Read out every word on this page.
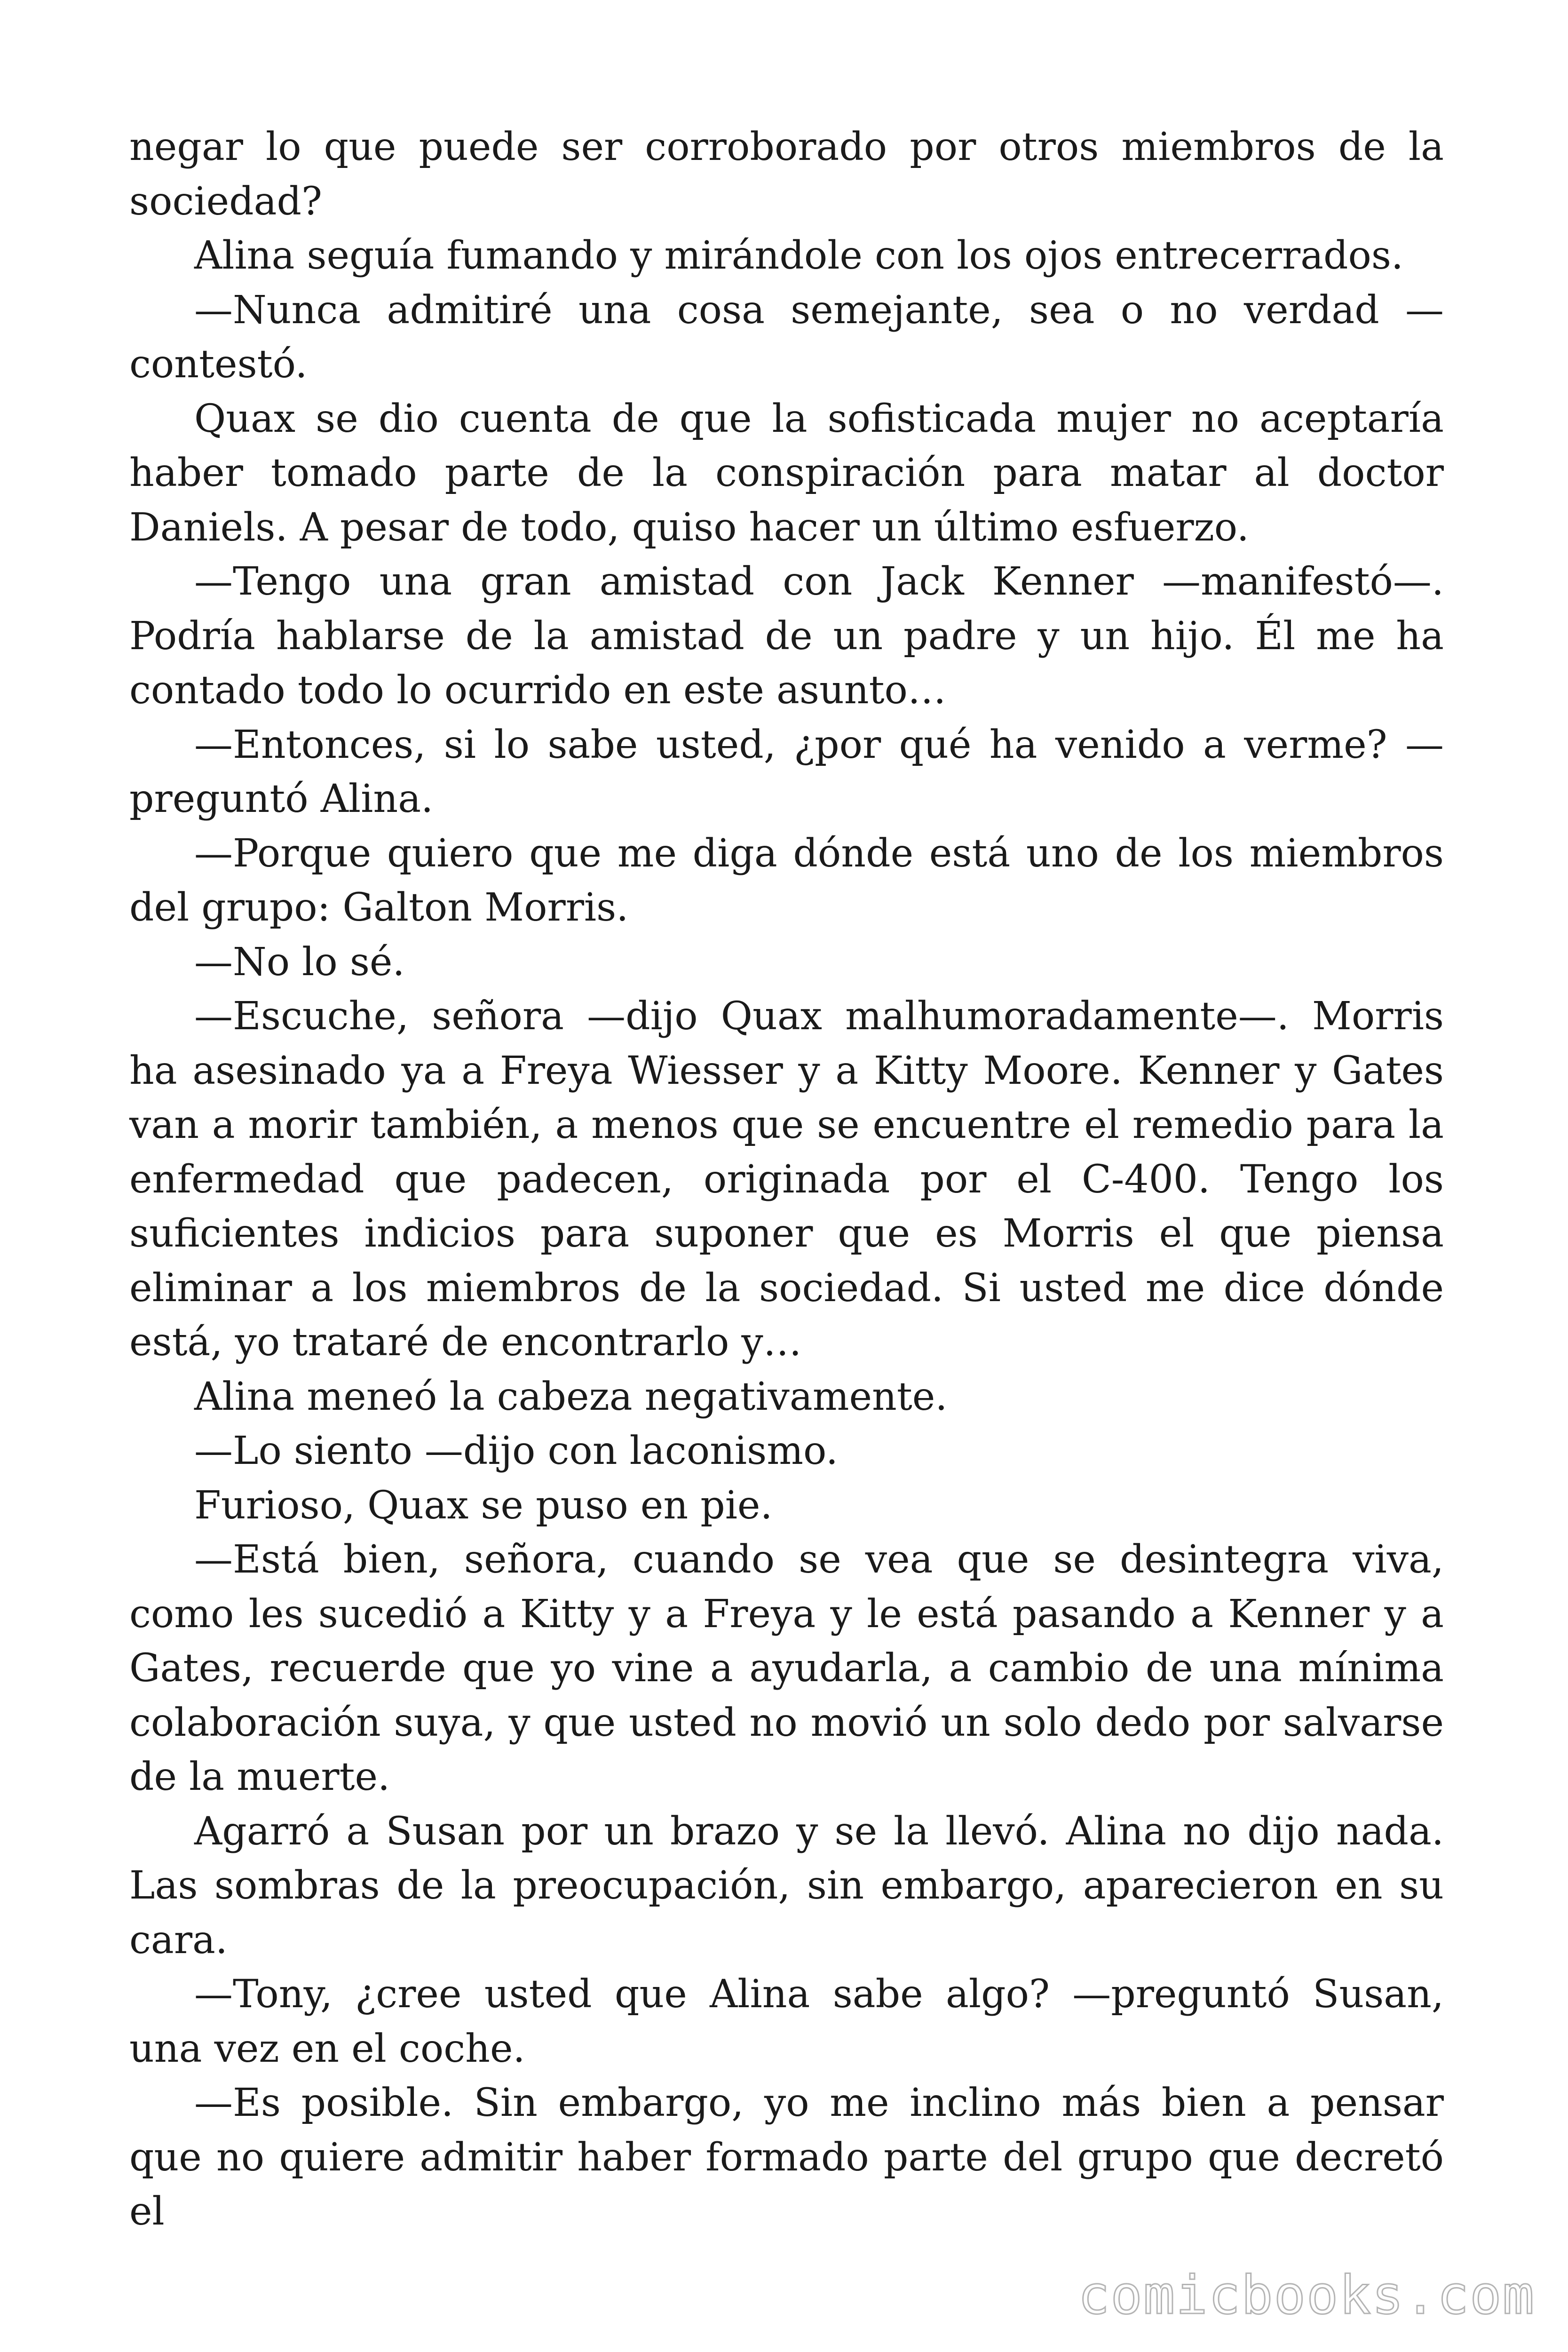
negar lo que puede ser corroborado por otros miembros de la sociedad?

Alina seguía fumando y mirándole con los ojos entrecerrados.

—Nunca admitiré una cosa semejante, sea o no verdad —contestó.

Quax se dio cuenta de que la sofisticada mujer no aceptaría haber tomado parte de la conspiración para matar al doctor Daniels. A pesar de todo, quiso hacer un último esfuerzo.

—Tengo una gran amistad con Jack Kenner —manifestó—. Podría hablarse de la amistad de un padre y un hijo. Él me ha contado todo lo ocurrido en este asunto…

—Entonces, si lo sabe usted, ¿por qué ha venido a verme? —preguntó Alina.

—Porque quiero que me diga dónde está uno de los miembros del grupo: Galton Morris.

—No lo sé.

—Escuche, señora —dijo Quax malhumoradamente—. Morris ha asesinado ya a Freya Wiesser y a Kitty Moore. Kenner y Gates van a morir también, a menos que se encuentre el remedio para la enfermedad que padecen, originada por el C-400. Tengo los suficientes indicios para suponer que es Morris el que piensa eliminar a los miembros de la sociedad. Si usted me dice dónde está, yo trataré de encontrarlo y…

Alina meneó la cabeza negativamente.

—Lo siento —dijo con laconismo.

Furioso, Quax se puso en pie.

—Está bien, señora, cuando se vea que se desintegra viva, como les sucedió a Kitty y a Freya y le está pasando a Kenner y a Gates, recuerde que yo vine a ayudarla, a cambio de una mínima colaboración suya, y que usted no movió un solo dedo por salvarse de la muerte.

Agarró a Susan por un brazo y se la llevó. Alina no dijo nada. Las sombras de la preocupación, sin embargo, aparecieron en su cara.

—Tony, ¿cree usted que Alina sabe algo? —preguntó Susan, una vez en el coche.

—Es posible. Sin embargo, yo me inclino más bien a pensar que no quiere admitir haber formado parte del grupo que decretó el

comicbooks.com
